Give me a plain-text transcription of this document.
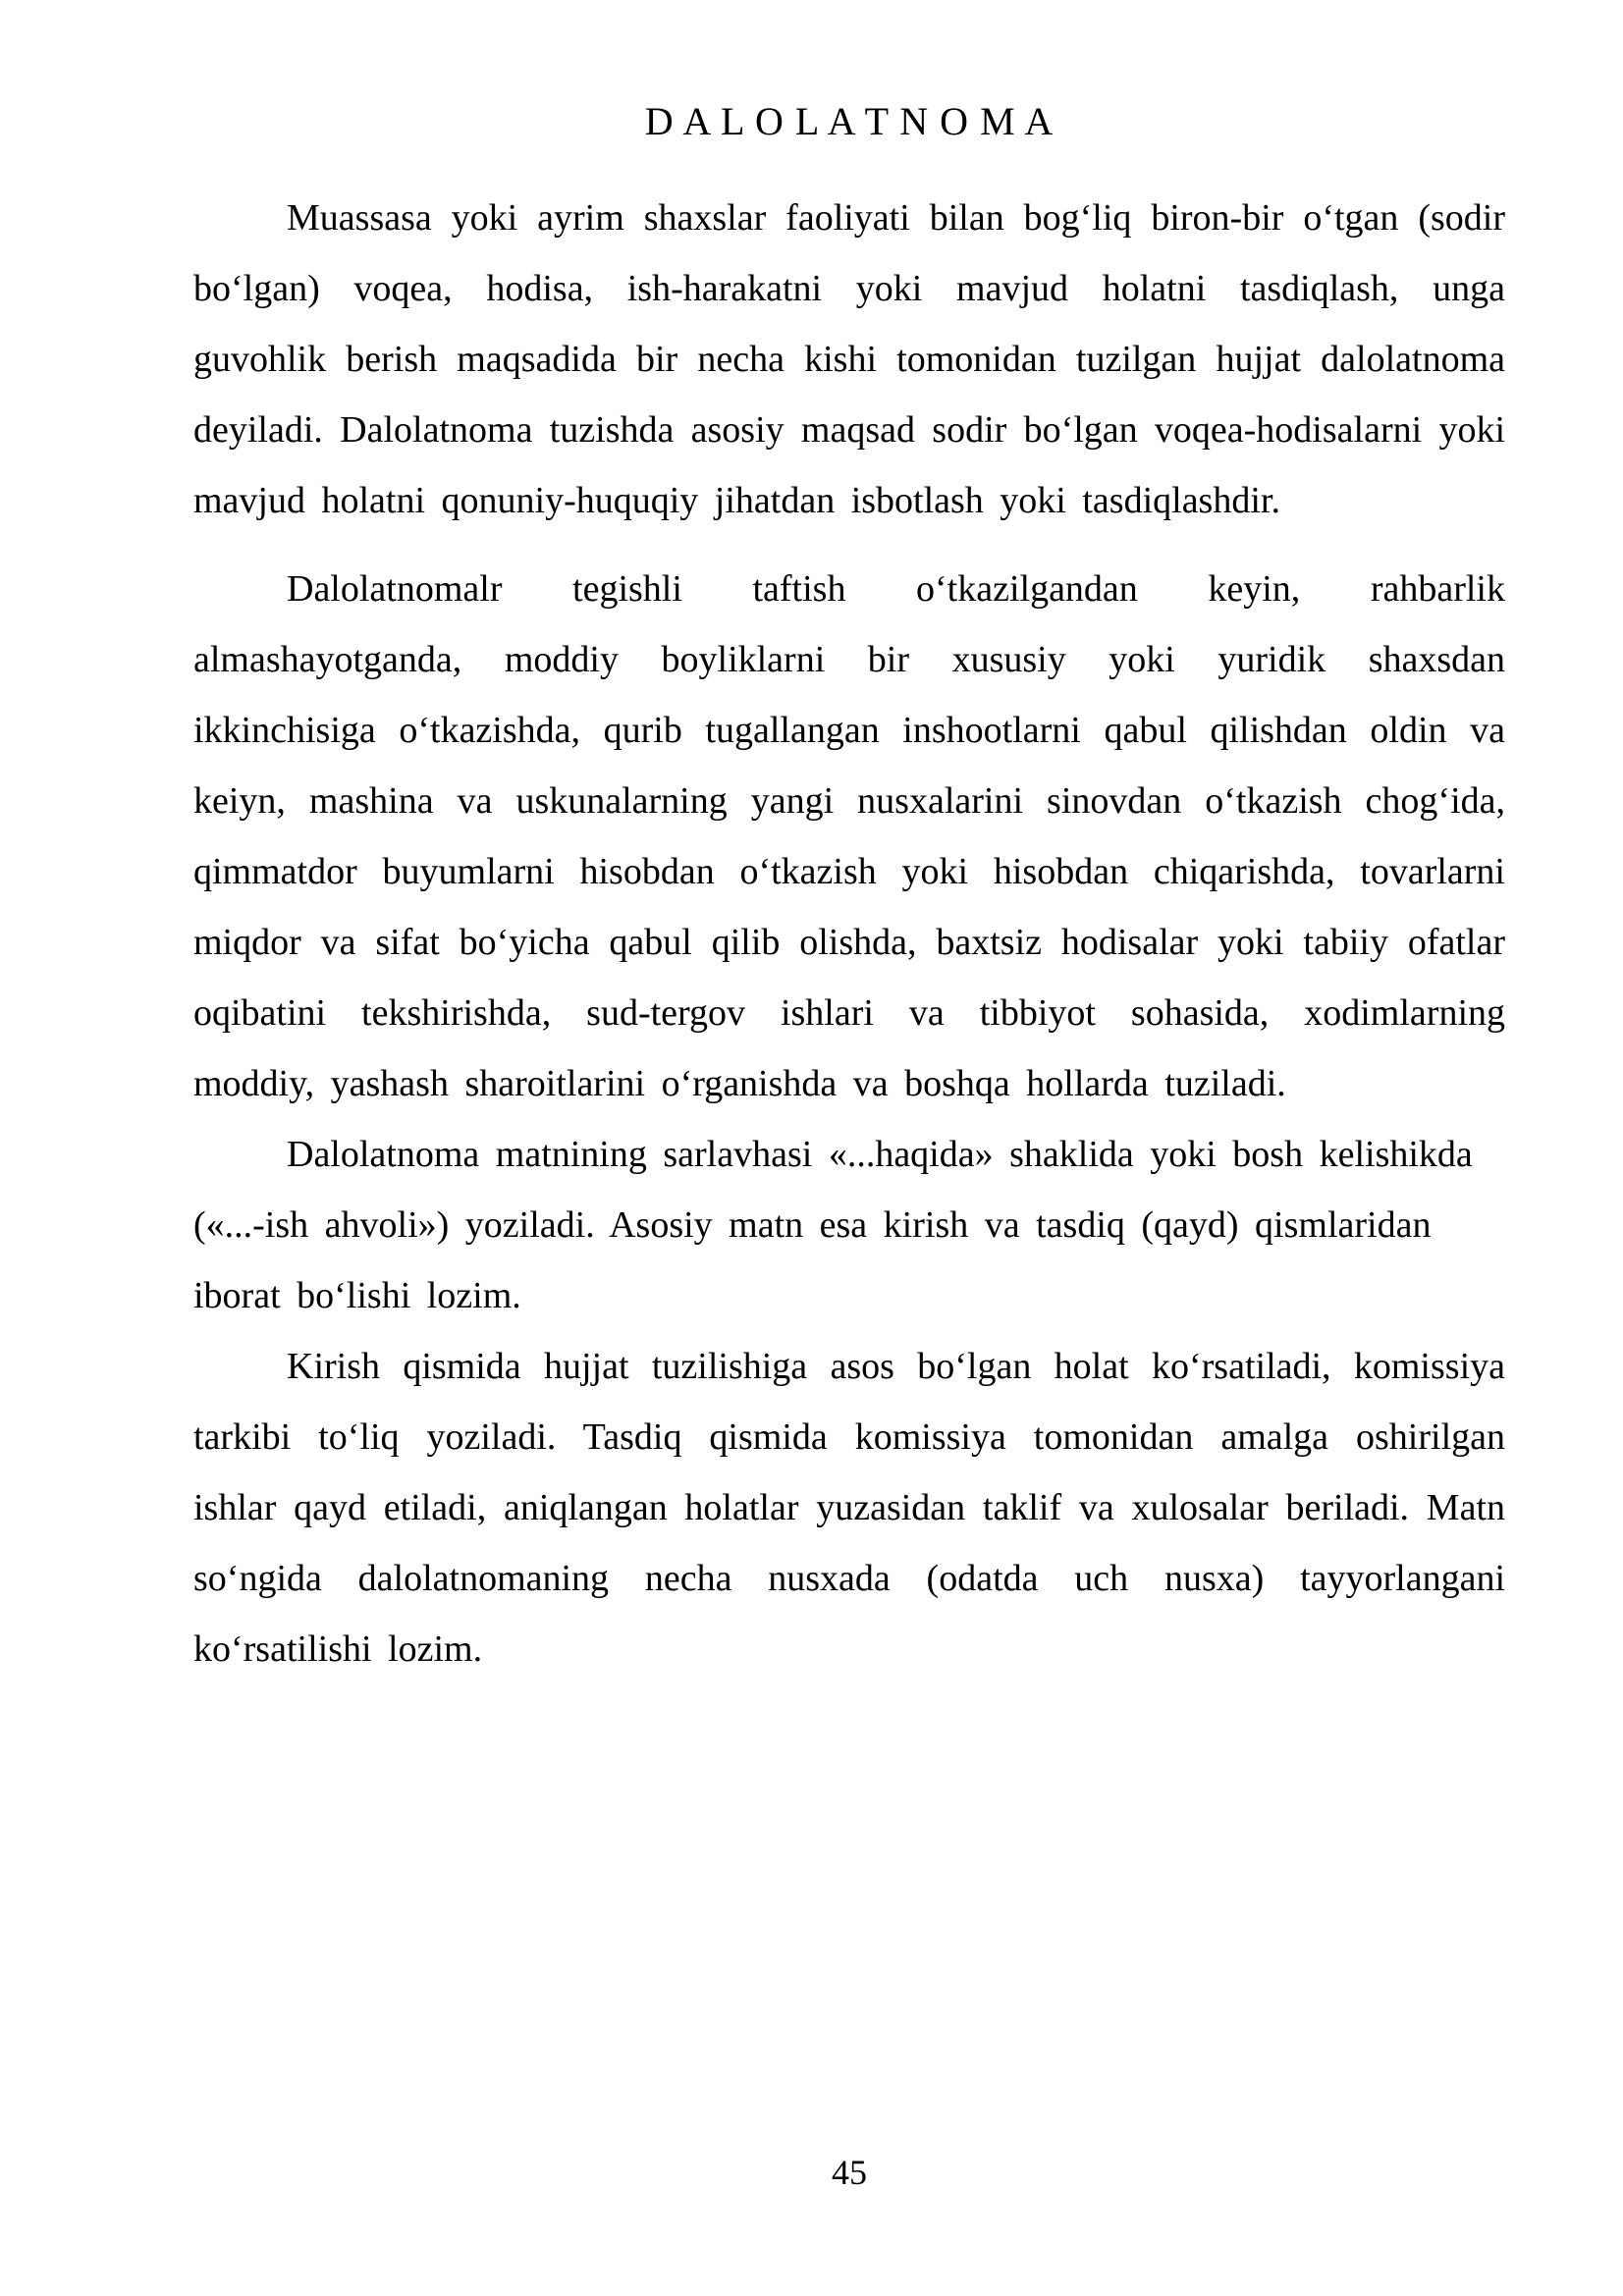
D A L O L A T N O M A

Muassasa yoki ayrim shaxslar faoliyati bilan bog‘liq biron-bir o‘tgan (sodir bo‘lgan) voqea, hodisa, ish-harakatni yoki mavjud holatni tasdiqlash, unga guvohlik berish maqsadida bir necha kishi tomonidan tuzilgan hujjat dalolatnoma deyiladi. Dalolatnoma tuzishda asosiy maqsad sodir bo‘lgan voqea-hodisalarni yoki mavjud holatni qonuniy-huquqiy jihatdan isbotlash yoki tasdiqlashdir.

Dalolatnomalr tegishli taftish o‘tkazilgandan keyin, rahbarlik almashayotganda, moddiy boyliklarni bir xususiy yoki yuridik shaxsdan ikkinchisiga o‘tkazishda, qurib tugallangan inshootlarni qabul qilishdan oldin va keiyn, mashina va uskunalarning yangi nusxalarini sinovdan o‘tkazish chog‘ida, qimmatdor buyumlarni hisobdan o‘tkazish yoki hisobdan chiqarishda, tovarlarni miqdor va sifat bo‘yicha qabul qilib olishda, baxtsiz hodisalar yoki tabiiy ofatlar oqibatini tekshirishda, sud-tergov ishlari va tibbiyot sohasida, xodimlarning moddiy, yashash sharoitlarini o‘rganishda va boshqa hollarda tuziladi.

Dalolatnoma matnining sarlavhasi «...haqida» shaklida yoki bosh kelishikda («...-ish ahvoli») yoziladi. Asosiy matn esa kirish va tasdiq (qayd) qismlaridan iborat bo‘lishi lozim.

Kirish qismida hujjat tuzilishiga asos bo‘lgan holat ko‘rsatiladi, komissiya tarkibi to‘liq yoziladi. Tasdiq qismida komissiya tomonidan amalga oshirilgan ishlar qayd etiladi, aniqlangan holatlar yuzasidan taklif va xulosalar beriladi. Matn so‘ngida dalolatnomaning necha nusxada (odatda uch nusxa) tayyorlangani ko‘rsatilishi lozim.

45
